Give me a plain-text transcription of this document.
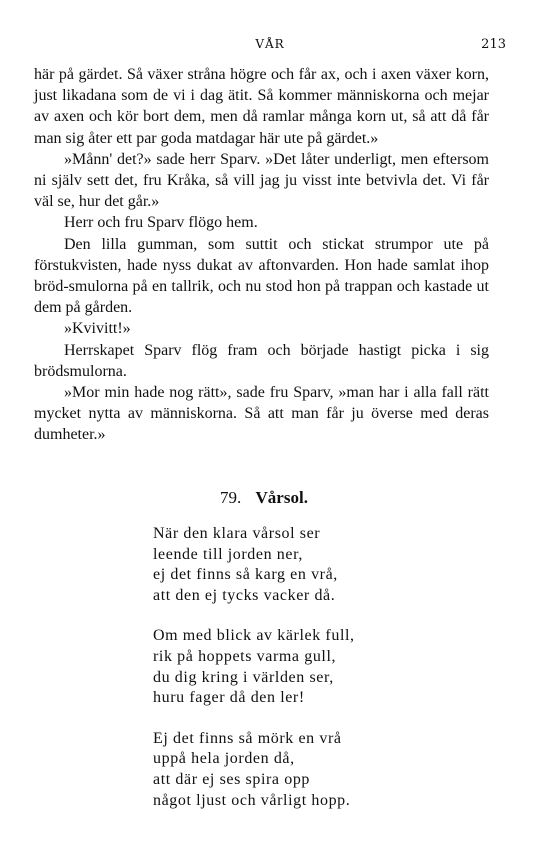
VÅR	213

här på gärdet. Så växer stråna högre och får ax, och i axen växer korn, just likadana som de vi i dag ätit. Så kommer människorna och mejar av axen och kör bort dem, men då ramlar många korn ut, så att då får man sig åter ett par goda matdagar här ute på gärdet.»

»Månn' det?» sade herr Sparv. »Det låter underligt, men eftersom ni själv sett det, fru Kråka, så vill jag ju visst inte betvivla det. Vi får väl se, hur det går.»

Herr och fru Sparv flögo hem.

Den lilla gumman, som suttit och stickat strumpor ute på förstukvisten, hade nyss dukat av aftonvarden. Hon hade samlat ihop bröd-smulorna på en tallrik, och nu stod hon på trappan och kastade ut dem på gården.

»Kvivitt!»

Herrskapet Sparv flög fram och började hastigt picka i sig brödsmulorna.

»Mor min hade nog rätt», sade fru Sparv, »man har i alla fall rätt mycket nytta av människorna. Så att man får ju överse med deras dumheter.»

79. Vårsol.
När den klara vårsol ser
leende till jorden ner,
ej det finns så karg en vrå,
att den ej tycks vacker då.
Om med blick av kärlek full,
rik på hoppets varma gull,
du dig kring i världen ser,
huru fager då den ler!
Ej det finns så mörk en vrå
uppå hela jorden då,
att där ej ses spira opp
något ljust och vårligt hopp.
